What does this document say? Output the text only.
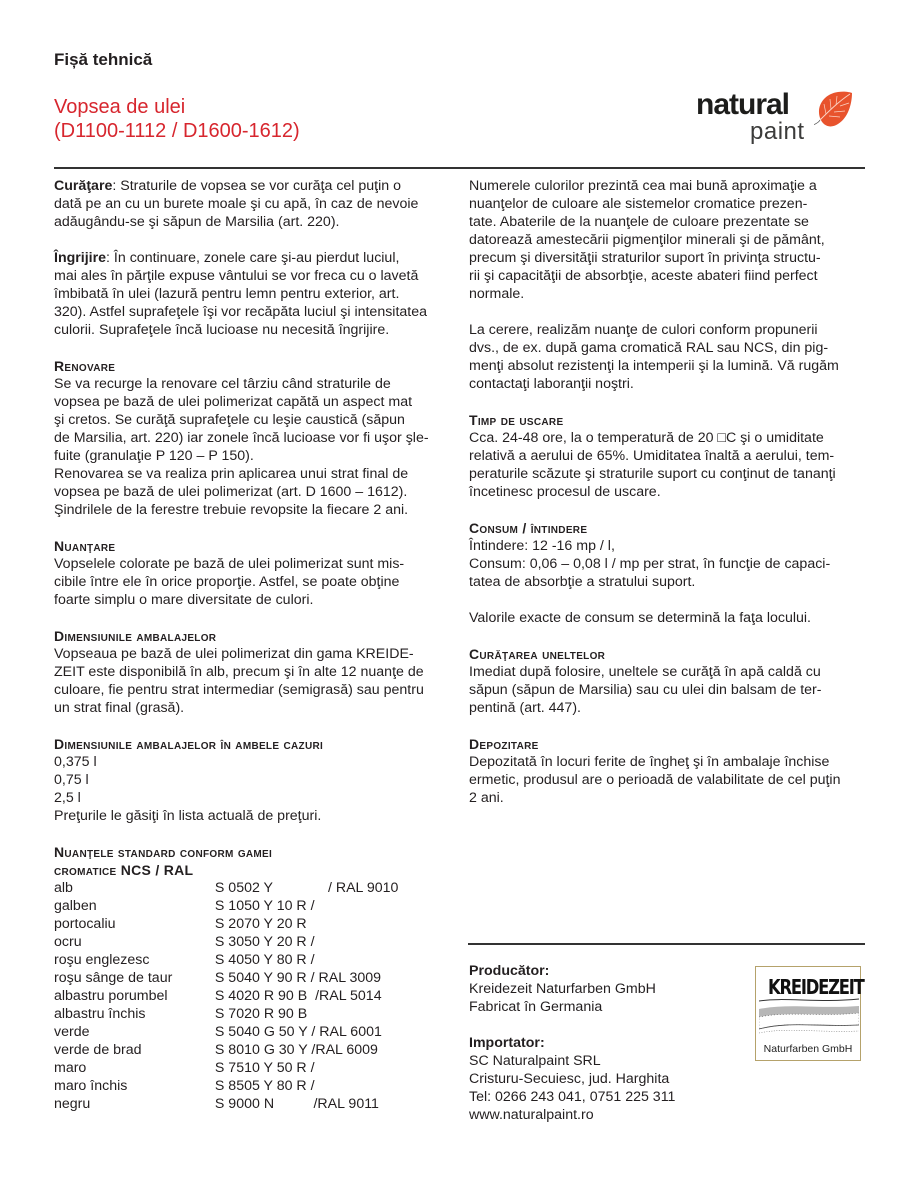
Fișă tehnică
Vopsea de ulei
(D1100-1112 / D1600-1612)
natural
paint
Curăţare: Straturile de vopsea se vor curăţa cel puţin o
dată pe an cu un burete moale şi cu apă, în caz de nevoie
adăugându-se şi săpun de Marsilia (art. 220).
Îngrijire: În continuare, zonele care şi-au pierdut luciul,
mai ales în părţile expuse vântului se vor freca cu o lavetă
îmbibată în ulei (lazură pentru lemn pentru exterior, art.
320). Astfel suprafeţele îşi vor recăpăta luciul şi intensitatea
culorii. Suprafeţele încă lucioase nu necesită îngrijire.
Renovare
Se va recurge la renovare cel târziu când straturile de
vopsea pe bază de ulei polimerizat capătă un aspect mat
şi cretos. Se curăţă suprafeţele cu leşie caustică (săpun
de Marsilia, art. 220) iar zonele încă lucioase vor fi uşor şle-
fuite (granulaţie P 120 – P 150).
Renovarea se va realiza prin aplicarea unui strat final de
vopsea pe bază de ulei polimerizat (art. D 1600 – 1612).
Şindrilele de la ferestre trebuie revopsite la fiecare 2 ani.
Nuanţare
Vopselele colorate pe bază de ulei polimerizat sunt mis-
cibile între ele în orice proporţie. Astfel, se poate obţine
foarte simplu o mare diversitate de culori.
Dimensiunile ambalajelor
Vopseaua pe bază de ulei polimerizat din gama KREIDE-
ZEIT este disponibilă în alb, precum şi în alte 12 nuanţe de
culoare, fie pentru strat intermediar (semigrasă) sau pentru
un strat final (grasă).
Dimensiunile ambalajelor în ambele cazuri
0,375 l
0,75 l
2,5 l
Preţurile le găsiţi în lista actuală de preţuri.
Nuanţele standard conform gamei
cromatice NCS / RAL
alb	S 0502 Y              / RAL 9010
galben	S 1050 Y 10 R /
portocaliu	S 2070 Y 20 R
ocru	S 3050 Y 20 R /
roşu englezesc	S 4050 Y 80 R /
roşu sânge de taur	S 5040 Y 90 R / RAL 3009
albastru porumbel	S 4020 R 90 B  /RAL 5014
albastru închis	S 7020 R 90 B
verde	S 5040 G 50 Y / RAL 6001
verde de brad	S 8010 G 30 Y /RAL 6009
maro	S 7510 Y 50 R /
maro închis	S 8505 Y 80 R /
negru	S 9000 N          /RAL 9011
Numerele culorilor prezintă cea mai bună aproximaţie a
nuanţelor de culoare ale sistemelor cromatice prezen-
tate. Abaterile de la nuanţele de culoare prezentate se
datorează amestecării pigmenţilor minerali şi de pământ,
precum şi diversităţii straturilor suport în privinţa structu-
rii şi capacităţii de absorbţie, aceste abateri fiind perfect
normale.
La cerere, realizăm nuanţe de culori conform propunerii
dvs., de ex. după gama cromatică RAL sau NCS, din pig-
menţi absolut rezistenţi la intemperii şi la lumină. Vă rugăm
contactaţi laboranţii noştri.
Timp de uscare
Cca. 24-48 ore, la o temperatură de 20 □C şi o umiditate
relativă a aerului de 65%. Umiditatea înaltă a aerului, tem-
peraturile scăzute şi straturile suport cu conţinut de tananţi
încetinesc procesul de uscare.
Consum / întindere
Întindere: 12 -16 mp / l,
Consum: 0,06 – 0,08 l / mp per strat, în funcţie de capaci-
tatea de absorbţie a stratului suport.
Valorile exacte de consum se determină la faţa locului.
Curăţarea uneltelor
Imediat după folosire, uneltele se curăţă în apă caldă cu
săpun (săpun de Marsilia) sau cu ulei din balsam de ter-
pentină (art. 447).
Depozitare
Depozitată în locuri ferite de îngheţ şi în ambalaje închise
ermetic, produsul are o perioadă de valabilitate de cel puţin
2 ani.
Producător:
Kreidezeit Naturfarben GmbH
Fabricat în Germania
Importator:
SC Naturalpaint SRL
Cristuru-Secuiesc, jud. Harghita
Tel: 0266 243 041, 0751 225 311
www.naturalpaint.ro
KREIDEZEIT
Naturfarben GmbH
